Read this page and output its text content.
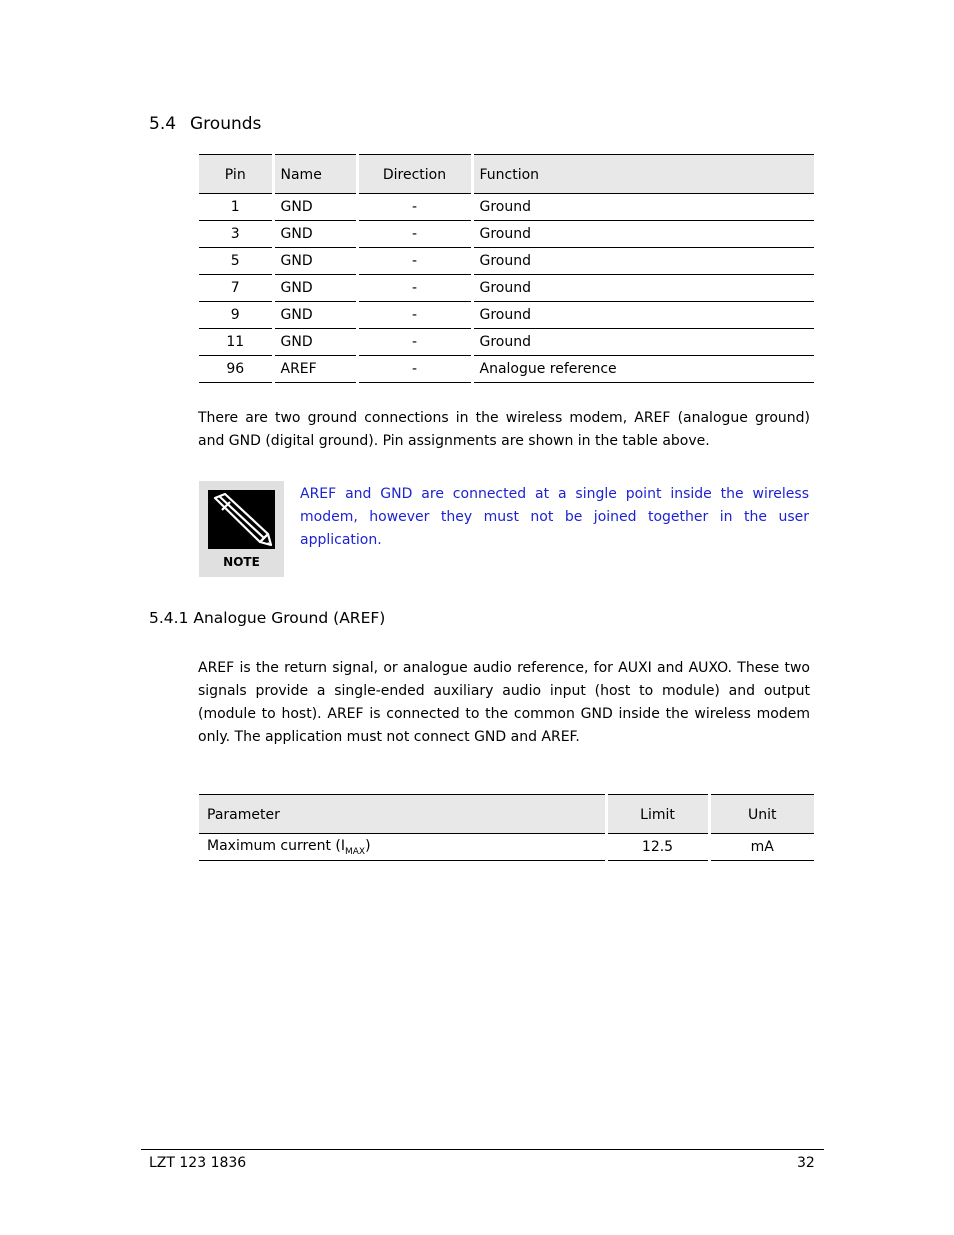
5.4 Grounds
Pin	Name	Direction	Function
1	GND	-	Ground
3	GND	-	Ground
5	GND	-	Ground
7	GND	-	Ground
9	GND	-	Ground
11	GND	-	Ground
96	AREF	-	Analogue reference
There are two ground connections in the wireless modem, AREF (analogue ground) and GND (digital ground). Pin assignments are shown in the table above.
NOTE
AREF and GND are connected at a single point inside the wireless modem, however they must not be joined together in the user application.
5.4.1 Analogue Ground (AREF)
AREF is the return signal, or analogue audio reference, for AUXI and AUXO. These two signals provide a single-ended auxiliary audio input (host to module) and output (module to host). AREF is connected to the common GND inside the wireless modem only. The application must not connect GND and AREF.
Parameter	Limit	Unit
Maximum current $(I_{MAX})$	12.5	mA
LZT 123 1836	32
